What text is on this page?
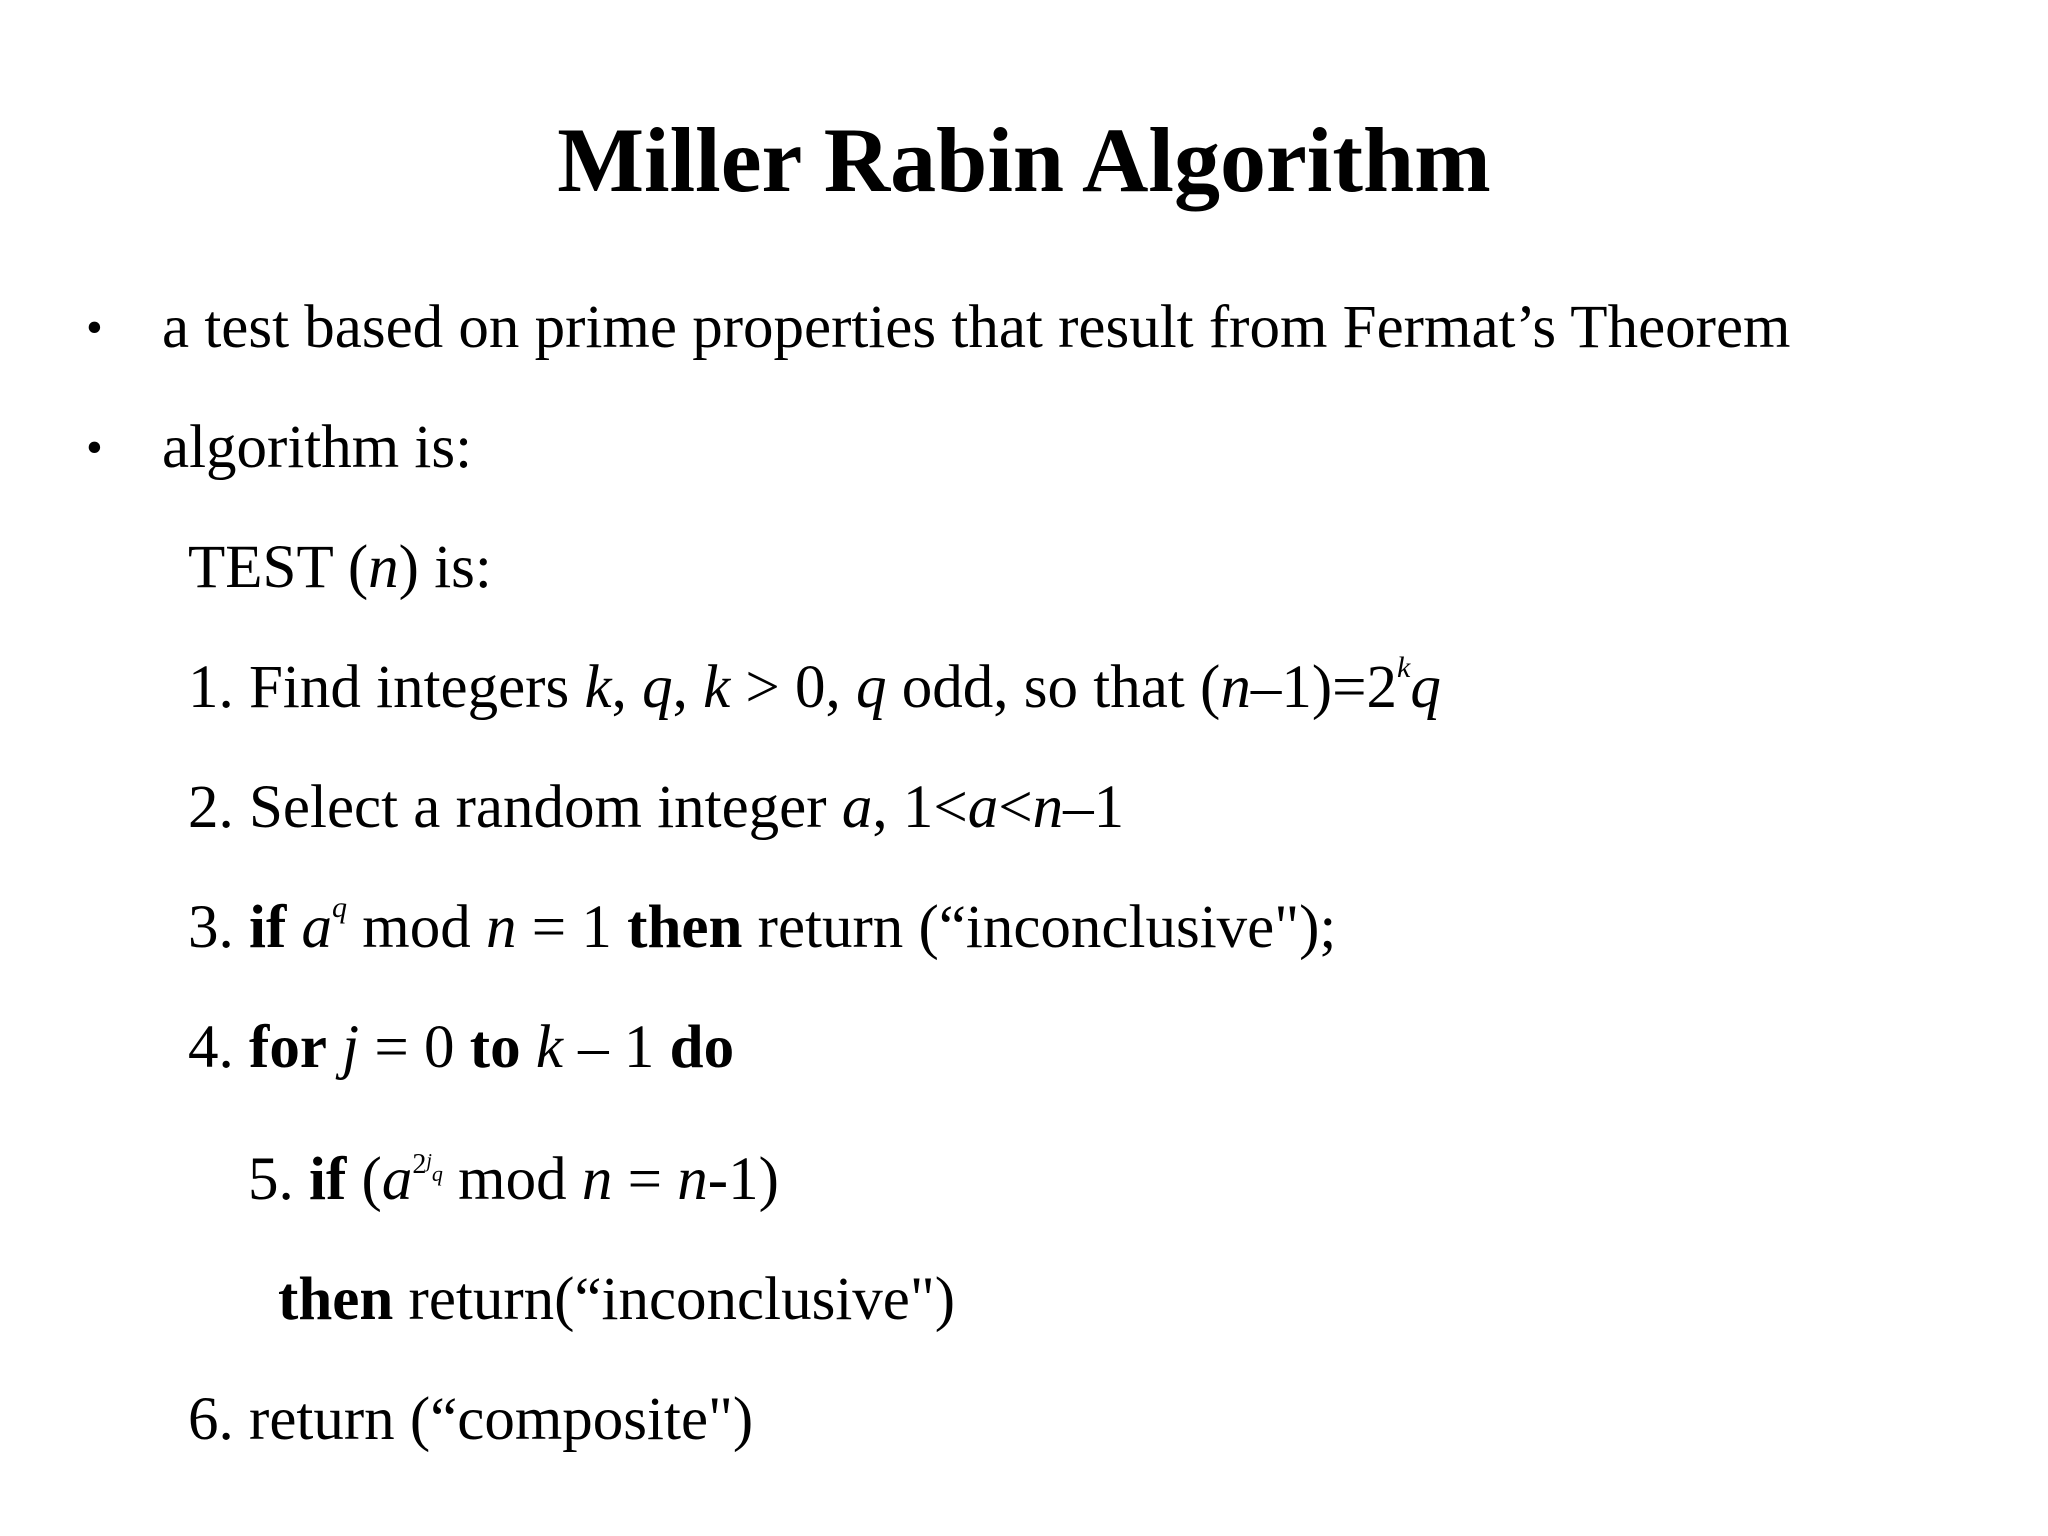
Miller Rabin Algorithm
• a test based on prime properties that result from Fermat’s Theorem
• algorithm is:
TEST (n) is:
1. Find integers k, q, k > 0, q odd, so that $(n-1)=2^kq$
2. Select a random integer a, 1<a<n–1
3. if $a^q$ mod n = 1 then return (“inconclusive");
4. for j = 0 to k – 1 do
5. if ($a^{2jq}$ mod n = n-1)
then return(“inconclusive")
6. return (“composite")
